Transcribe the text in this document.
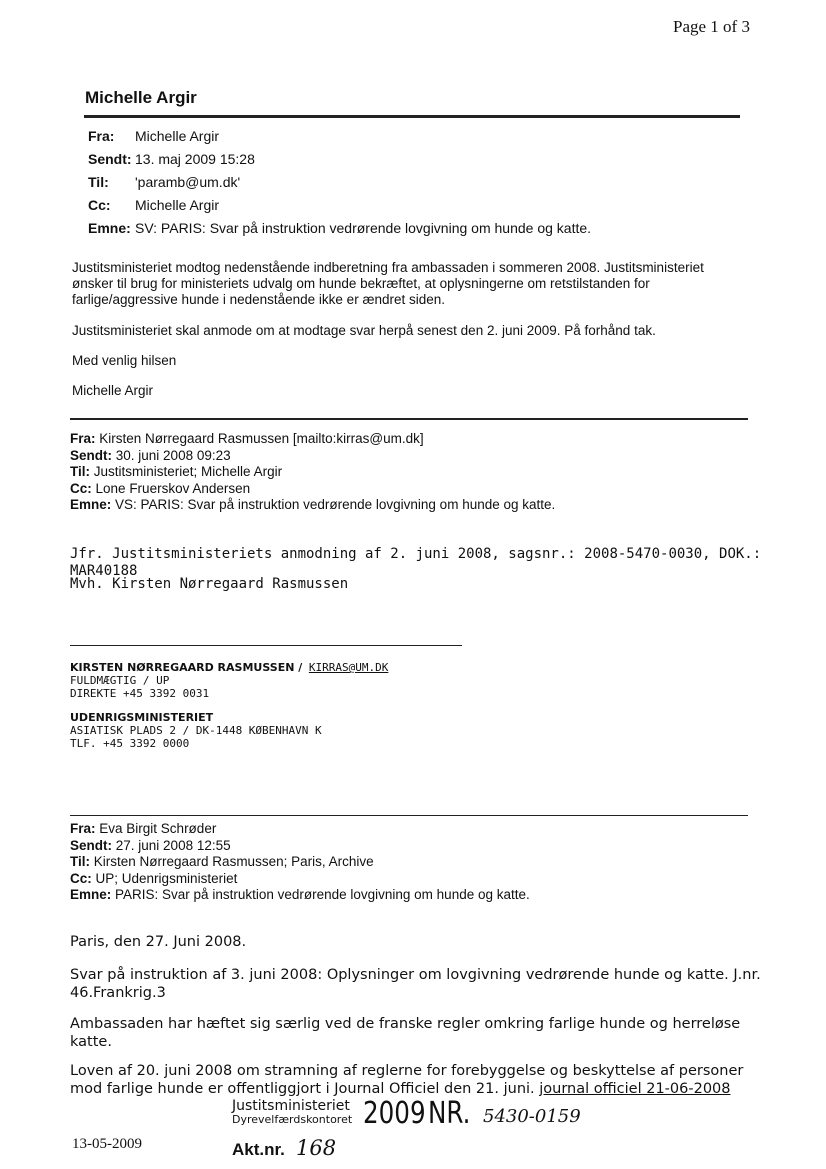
Page 1 of 3
Michelle Argir
Fra: Michelle Argir
Sendt: 13. maj 2009 15:28
Til: 'paramb@um.dk'
Cc: Michelle Argir
Emne: SV: PARIS: Svar på instruktion vedrørende lovgivning om hunde og katte.
Justitsministeriet modtog nedenstående indberetning fra ambassaden i sommeren 2008. Justitsministeriet
ønsker til brug for ministeriets udvalg om hunde bekræftet, at oplysningerne om retstilstanden for
farlige/aggressive hunde i nedenstående ikke er ændret siden.
Justitsministeriet skal anmode om at modtage svar herpå senest den 2. juni 2009. På forhånd tak.
Med venlig hilsen
Michelle Argir
Fra: Kirsten Nørregaard Rasmussen [mailto:kirras@um.dk]
Sendt: 30. juni 2008 09:23
Til: Justitsministeriet; Michelle Argir
Cc: Lone Fruerskov Andersen
Emne: VS: PARIS: Svar på instruktion vedrørende lovgivning om hunde og katte.
Jfr. Justitsministeriets anmodning af 2. juni 2008, sagsnr.: 2008-5470-0030, DOK.: MAR40188
Mvh. Kirsten Nørregaard Rasmussen
KIRSTEN NØRREGAARD RASMUSSEN / KIRRAS@UM.DK
FULDMÆGTIG / UP
DIREKTE +45 3392 0031
UDENRIGSMINISTERIET
ASIATISK PLADS 2 / DK-1448 KØBENHAVN K
TLF. +45 3392 0000
Fra: Eva Birgit Schrøder
Sendt: 27. juni 2008 12:55
Til: Kirsten Nørregaard Rasmussen; Paris, Archive
Cc: UP; Udenrigsministeriet
Emne: PARIS: Svar på instruktion vedrørende lovgivning om hunde og katte.
Paris, den 27. Juni 2008.
Svar på instruktion af 3. juni 2008: Oplysninger om lovgivning vedrørende hunde og katte. J.nr.
46.Frankrig.3
Ambassaden har hæftet sig særlig ved de franske regler omkring farlige hunde og herreløse
katte.
Loven af 20. juni 2008 om stramning af reglerne for forebyggelse og beskyttelse af personer
mod farlige hunde er offentliggjort i Journal Officiel den 21. juni. journal officiel 21-06-2008
Justitsministeriet
Dyrevelfærdskontoret 2009 NR. 5430-0159
13-05-2009	Akt.nr. 168
